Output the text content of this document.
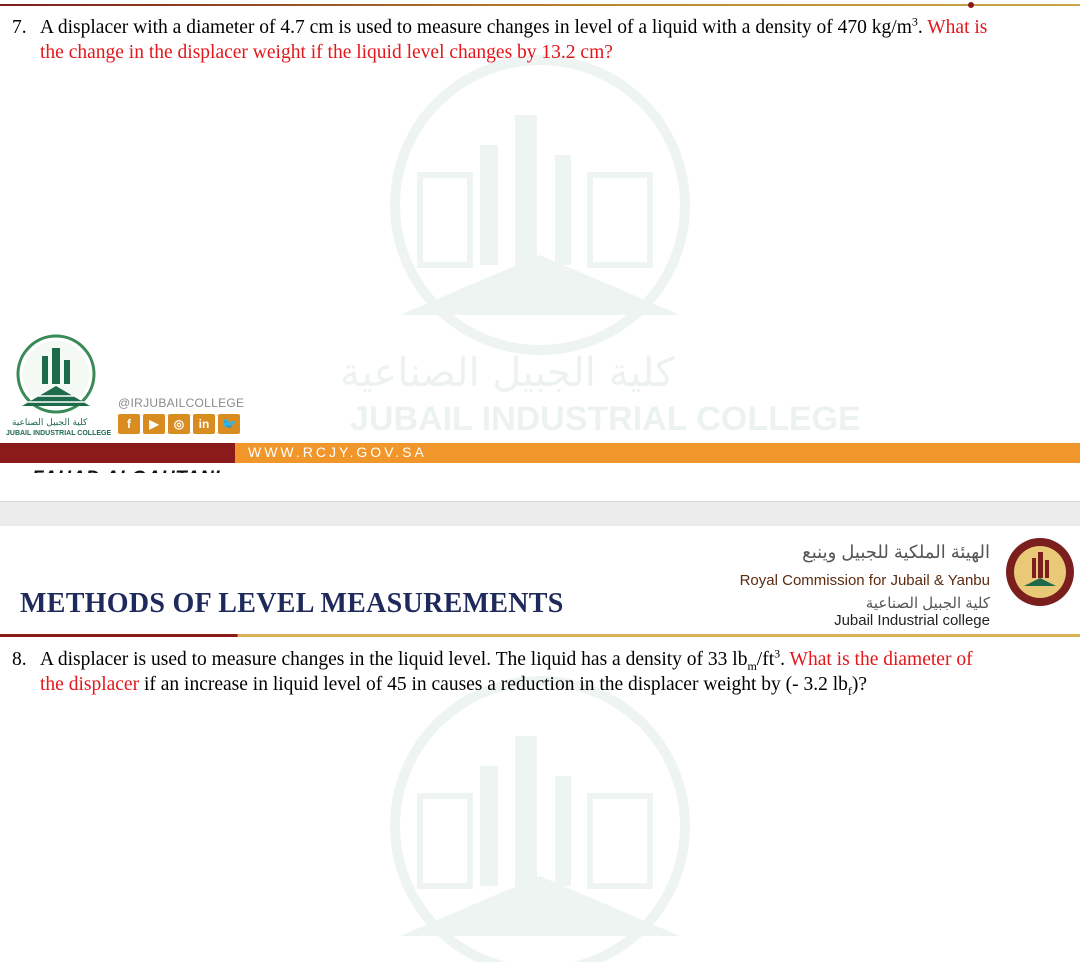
كلية الجبيل الصناعية
JUBAIL INDUSTRIAL COLLEGE
7. A displacer with a diameter of 4.7 cm is used to measure changes in level of a liquid with a density of 470 $kg/m^3$. What is
the change in the displacer weight if the liquid level changes by 13.2 cm?
كلية الجبيل الصناعية
JUBAIL INDUSTRIAL COLLEGE
@IRJUBAILCOLLEGE
f	▶	◎	in	🐦
WWW.RCJY.GOV.SA
METHODS OF LEVEL MEASUREMENTS
الهيئة الملكية للجبيل وينبع
Royal Commission for Jubail & Yanbu
كلية الجبيل الصناعية
Jubail Industrial college
8. A displacer is used to measure changes in the liquid level. The liquid has a density of 33 $lb_m/ft^3$. What is the diameter of
the displacer if an increase in liquid level of 45 in causes a reduction in the displacer weight by (- 3.2 $lb_f$)?
